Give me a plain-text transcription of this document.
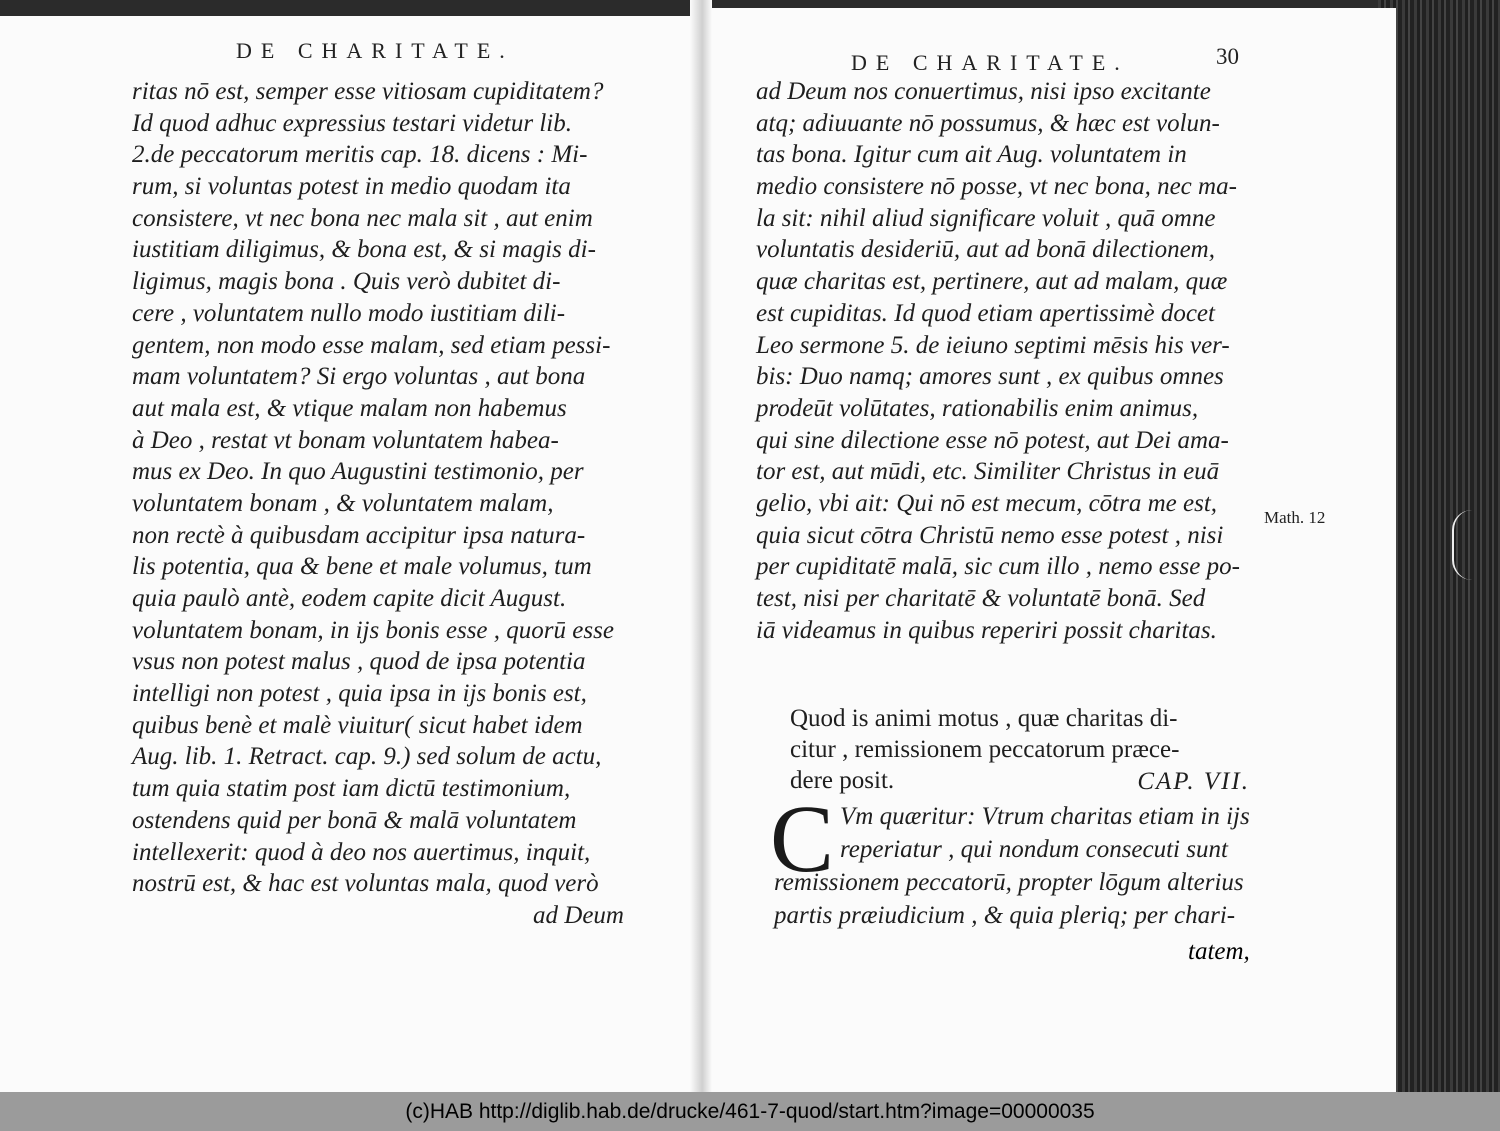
DE CHARITATE.	DE CHARITATE.	30
ritas nō est, semper esse vitiosam cupiditatem?
Id quod adhuc expressius testari videtur lib.
2.de peccatorum meritis cap. 18. dicens : Mi-
rum, si voluntas potest in medio quodam ita
consistere, vt nec bona nec mala sit , aut enim
iustitiam diligimus, & bona est, & si magis di-
ligimus, magis bona . Quis verò dubitet di-
cere , voluntatem nullo modo iustitiam dili-
gentem, non modo esse malam, sed etiam pessi-
mam voluntatem? Si ergo voluntas , aut bona
aut mala est, & vtique malam non habemus
à Deo , restat vt bonam voluntatem habea-
mus ex Deo. In quo Augustini testimonio, per
voluntatem bonam , & voluntatem malam,
non rectè à quibusdam accipitur ipsa natura-
lis potentia, qua & bene et male volumus, tum
quia paulò antè, eodem capite dicit August.
voluntatem bonam, in ijs bonis esse , quorū esse
vsus non potest malus , quod de ipsa potentia
intelligi non potest , quia ipsa in ijs bonis est,
quibus benè et malè viuitur( sicut habet idem
Aug. lib. 1. Retract. cap. 9.) sed solum de actu,
tum quia statim post iam dictū testimonium,
ostendens quid per bonā & malā voluntatem
intellexerit: quod à deo nos auertimus, inquit,
nostrū est, & hac est voluntas mala, quod verò
ad Deum
ad Deum nos conuertimus, nisi ipso excitante
atq; adiuuante nō possumus, & hæc est volun-
tas bona. Igitur cum ait Aug. voluntatem in
medio consistere nō posse, vt nec bona, nec ma-
la sit: nihil aliud significare voluit , quā omne
voluntatis desideriū, aut ad bonā dilectionem,
quæ charitas est, pertinere, aut ad malam, quæ
est cupiditas. Id quod etiam apertissimè docet
Leo sermone 5. de ieiuno septimi mēsis his ver-
bis: Duo namq; amores sunt , ex quibus omnes
prodeūt volūtates, rationabilis enim animus,
qui sine dilectione esse nō potest, aut Dei ama-
tor est, aut mūdi, etc. Similiter Christus in euā
gelio, vbi ait: Qui nō est mecum, cōtra me est,
quia sicut cōtra Christū nemo esse potest , nisi
per cupiditatē malā, sic cum illo , nemo esse po-
test, nisi per charitatē & voluntatē bonā. Sed
iā videamus in quibus reperiri possit charitas.
Math. 12
Quod is animi motus , quæ charitas di-
citur , remissionem peccatorum præce-
dere posit.	CAP. VII.
C Vm quæritur: Vtrum charitas etiam in ijs
reperiatur , qui nondum consecuti sunt
remissionem peccatorū, propter lōgum alterius
partis præiudicium , & quia pleriq; per chari-
tatem,
(c)HAB http://diglib.hab.de/drucke/461-7-quod/start.htm?image=00000035
